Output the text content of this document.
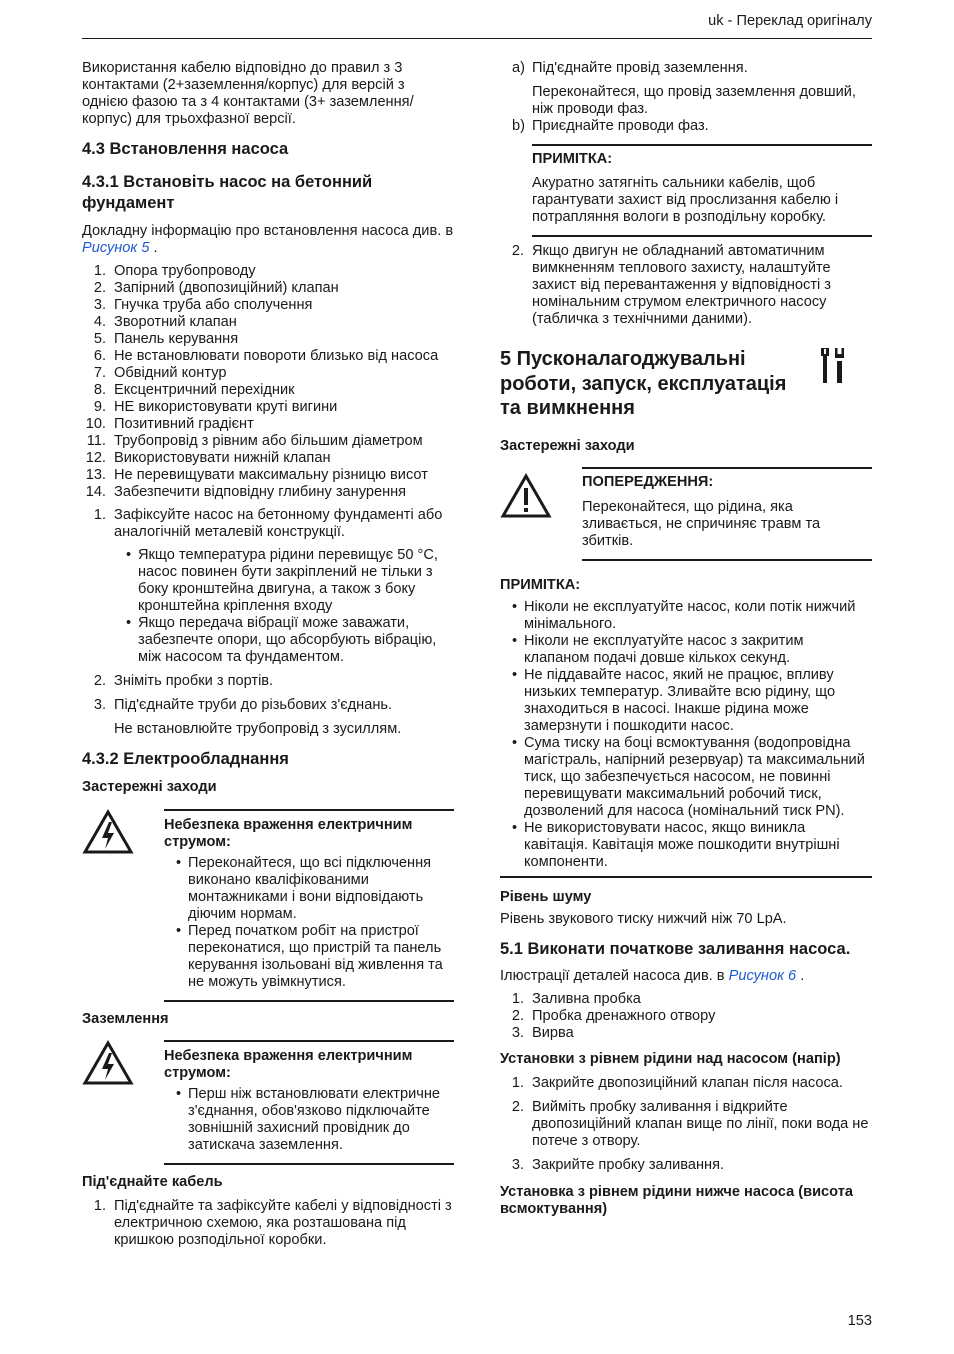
uk - Переклад оригіналу

Використання кабелю відповідно до правил з 3 контактами (2+заземлення/корпус) для версій з однією фазою та з 4 контактами (3+ заземлення/корпус) для трьохфазної версії.

4.3 Встановлення насоса
4.3.1 Встановіть насос на бетонний фундамент

Докладну інформацію про встановлення насоса див. в Рисунок 5 .

1. Опора трубопроводу
2. Запірний (двопозиційний) клапан
3. Гнучка труба або сполучення
4. Зворотний клапан
5. Панель керування
6. Не встановлювати повороти близько від насоса
7. Обвідний контур
8. Ексцентричний перехідник
9. НЕ використовувати круті вигини
10. Позитивний градієнт
11. Трубопровід з рівним або більшим діаметром
12. Використовувати нижній клапан
13. Не перевищувати максимальну різницю висот
14. Забезпечити відповідну глибину занурення
1. Зафіксуйте насос на бетонному фундаменті або аналогічній металевій конструкції.
• Якщо температура рідини перевищує 50 °C, насос повинен бути закріплений не тільки з боку кронштейна двигуна, а також з боку кронштейна кріплення входу
• Якщо передача вібрації може заважати, забезпечте опори, що абсорбують вібрацію, між насосом та фундаментом.
2. Зніміть пробки з портів.
3. Під'єднайте труби до різьбових з'єднань.

Не встановлюйте трубопровід з зусиллям.

4.3.2 Електрообладнання
Застережні заходи
Небезпека враження електричним струмом:
• Переконайтеся, що всі підключення виконано кваліфікованими монтажниками і вони відповідають діючим нормам.
• Перед початком робіт на пристрої переконатися, що пристрій та панель керування ізольовані від живлення та не можуть увімкнутися.
Заземлення
Небезпека враження електричним струмом:
• Перш ніж встановлювати електричне з'єднання, обов'язково підключайте зовнішній захисний провідник до затискача заземлення.
Під'єднайте кабель
1. Під'єднайте та зафіксуйте кабелі у відповідності з електричною схемою, яка розташована під кришкою розподільної коробки.
a) Під'єднайте провід заземлення.

Переконайтеся, що провід заземлення довший, ніж проводи фаз.

b) Приєднайте проводи фаз.
ПРИМІТКА:

Акуратно затягніть сальники кабелів, щоб гарантувати захист від прослизання кабелю і потрапляння вологи в розподільну коробку.

2. Якщо двигун не обладнаний автоматичним вимкненням теплового захисту, налаштуйте захист від перевантаження у відповідності з номінальним струмом електричного насосу (табличка з технічними даними).
5 Пусконалагоджувальні роботи, запуск, експлуатація та вимкнення
Застережні заходи
ПОПЕРЕДЖЕННЯ:

Переконайтеся, що рідина, яка зливається, не спричиняє травм та збитків.

ПРИМІТКА:
• Ніколи не експлуатуйте насос, коли потік нижчий мінімального.
• Ніколи не експлуатуйте насос з закритим клапаном подачі довше кількох секунд.
• Не піддавайте насос, який не працює, впливу низьких температур. Зливайте всю рідину, що знаходиться в насосі. Інакше рідина може замерзнути і пошкодити насос.
• Сума тиску на боці всмоктування (водопровідна магістраль, напірний резервуар) та максимальний тиск, що забезпечується насосом, не повинні перевищувати максимальний робочий тиск, дозволений для насоса (номінальний тиск PN).
• Не використовувати насос, якщо виникла кавітація. Кавітація може пошкодити внутрішні компоненти.
Рівень шуму

Рівень звукового тиску нижчий ніж 70 LpA.

5.1 Виконати початкове заливання насоса.

Ілюстрації деталей насоса див. в Рисунок 6 .

1. Заливна пробка
2. Пробка дренажного отвору
3. Вирва
Установки з рівнем рідини над насосом (напір)
1. Закрийте двопозиційний клапан після насоса.
2. Вийміть пробку заливання і відкрийте двопозиційний клапан вище по лінії, поки вода не потече з отвору.
3. Закрийте пробку заливання.
Установка з рівнем рідини нижче насоса (висота всмоктування)
153
